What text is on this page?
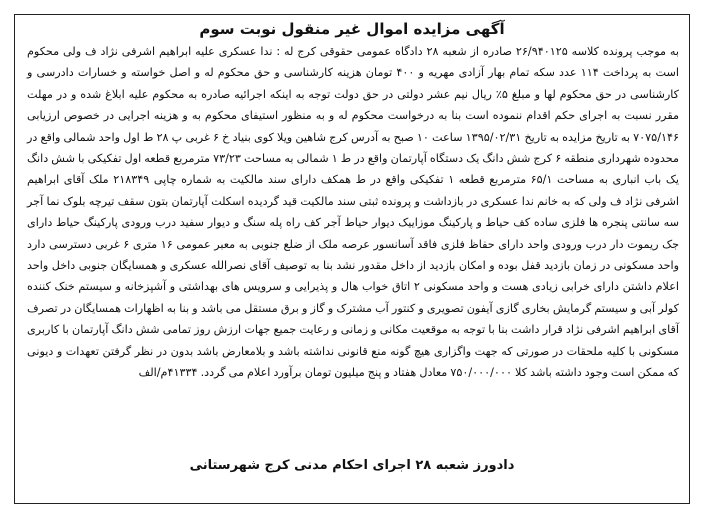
آگهی مزایده اموال غیر منقول نوبت سوم
به موجب پرونده کلاسه ۲۶/۹۴۰۱۲۵ صادره از شعبه ۲۸ دادگاه عمومی حقوقی کرج له : ندا عسکری علیه ابراهیم اشرفی نژاد ف ولی محکوم است به پرداخت ۱۱۴ عدد سکه تمام بهار آزادی مهریه و ۴۰۰ تومان هزینه کارشناسی و حق محکوم له و اصل خواسته و خسارات دادرسی و کارشناسی در حق محکوم لها و مبلغ ۵٪ ریال نیم عشر دولتی در حق دولت توجه به اینکه اجرائیه صادره به محکوم علیه ابلاغ شده و در مهلت مقرر نسبت به اجرای حکم اقدام ننموده است بنا به درخواست محکوم له و به منظور استیفای محکوم به و هزینه اجرایی در خصوص ارزیابی ۷۰۷۵/۱۴۶ به تاریخ مزایده به تاریخ ۱۳۹۵/۰۲/۳۱ ساعت ۱۰ صبح به آدرس کرج شاهین ویلا کوی بنیاد خ ۶ غربی پ ۲۸ ط اول واحد شمالی واقع در محدوده شهرداری منطقه ۶ کرج شش دانگ یک دستگاه آپارتمان واقع در ط ۱ شمالی به مساحت ۷۳/۲۳ مترمربع قطعه اول تفکیکی با شش دانگ یک باب انباری به مساحت ۶۵/۱ مترمربع قطعه ۱ تفکیکی واقع در ط همکف دارای سند مالکیت به شماره چاپی ۲۱۸۳۴۹ ملک آقای ابراهیم اشرفی نژاد ف ولی که به خانم ندا عسکری در بازداشت و پرونده ثبتی سند مالکیت قید گردیده اسکلت آپارتمان بتون سقف تیرچه بلوک نما آجر سه سانتی پنجره ها فلزی ساده کف حیاط و پارکینگ موزاییک دیوار حیاط آجر کف راه پله سنگ و دیوار سفید درب ورودی پارکینگ حیاط دارای جک ریموت دار درب ورودی واحد دارای حفاظ فلزی فاقد آسانسور عرصه ملک از ضلع جنوبی به معبر عمومی ۱۶ متری ۶ غربی دسترسی دارد واحد مسکونی در زمان بازدید قفل بوده و امکان بازدید از داخل مقدور نشد بنا به توصیف آقای نصرالله عسکری و همسایگان جنوبی داخل واحد اعلام داشتن دارای خرابی زیادی هست و واحد مسکونی ۲ اتاق خواب هال و پذیرایی و سرویس های بهداشتی و آشپزخانه و سیستم خنک کننده کولر آبی و سیستم گرمایش بخاری گازی آیفون تصویری و کنتور آب مشترک و گاز و برق مستقل می باشد و بنا به اظهارات همسایگان در تصرف آقای ابراهیم اشرفی نژاد قرار داشت بنا با توجه به موقعیت مکانی و زمانی و رعایت جمیع جهات ارزش روز تمامی شش دانگ آپارتمان با کاربری مسکونی با کلیه ملحقات در صورتی که جهت واگزاری هیچ گونه منع قانونی نداشته باشد و بلامعارض باشد بدون در نظر گرفتن تعهدات و دیونی که ممکن است وجود داشته باشد کلا ۷۵۰/۰۰۰/۰۰۰ معادل هفتاد و پنج میلیون تومان برآورد اعلام می گردد. ۴۱۳۳۴م/الف
دادورز شعبه ۲۸ اجرای احکام مدنی کرج شهرستانی
